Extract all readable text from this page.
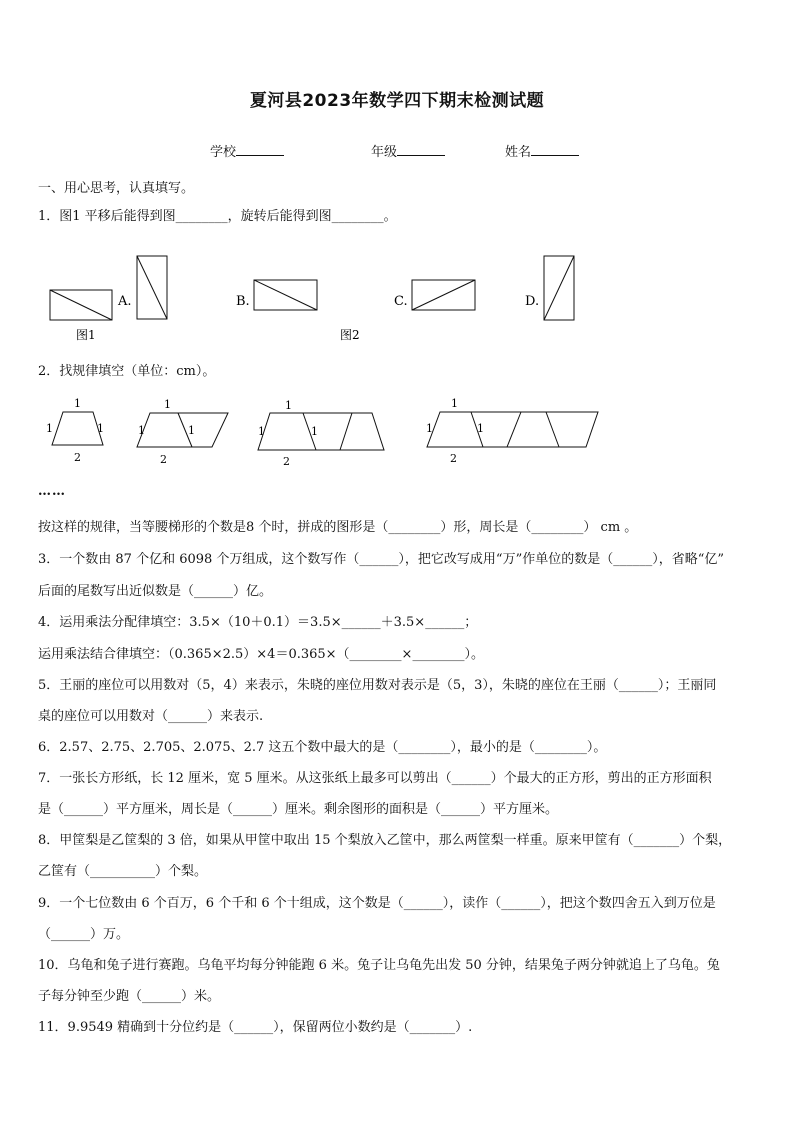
夏河县2023年数学四下期末检测试题
学校	年级	姓名
一、用心思考，认真填写。
1．图1 平移后能得到图________，旋转后能得到图________。
A.	B.	C.	D.
图1	图2
2．找规律填空（单位：cm）。
1
1	1
2
1
1	1
2
1
1	1
2
1
1	1
2
……
按这样的规律，当等腰梯形的个数是8 个时，拼成的图形是（________）形，周长是（________） cm 。
3．一个数由 87 个亿和 6098 个万组成，这个数写作（______），把它改写成用“万”作单位的数是（______），省略“亿”
后面的尾数写出近似数是（______）亿。
4．运用乘法分配律填空：3.5×（10＋0.1）＝3.5×______＋3.5×______；
运用乘法结合律填空：（0.365×2.5）×4＝0.365×（________×________）。
5．王丽的座位可以用数对（5，4）来表示，朱晓的座位用数对表示是（5，3），朱晓的座位在王丽（______）；王丽同
桌的座位可以用数对（______）来表示.
6．2.57、2.75、2.705、2.075、2.7 这五个数中最大的是（________），最小的是（________）。
7．一张长方形纸，长 12 厘米，宽 5 厘米。从这张纸上最多可以剪出（______）个最大的正方形，剪出的正方形面积
是（______）平方厘米，周长是（______）厘米。剩余图形的面积是（______）平方厘米。
8．甲筐梨是乙筐梨的 3 倍，如果从甲筐中取出 15 个梨放入乙筐中，那么两筐梨一样重。原来甲筐有（_______）个梨，
乙筐有（__________）个梨。
9．一个七位数由 6 个百万，6 个千和 6 个十组成，这个数是（______），读作（______），把这个数四舍五入到万位是
（______）万。
10．乌龟和兔子进行赛跑。乌龟平均每分钟能跑 6 米。兔子让乌龟先出发 50 分钟，结果兔子两分钟就追上了乌龟。兔
子每分钟至少跑（______）米。
11．9.9549 精确到十分位约是（______），保留两位小数约是（_______）.
